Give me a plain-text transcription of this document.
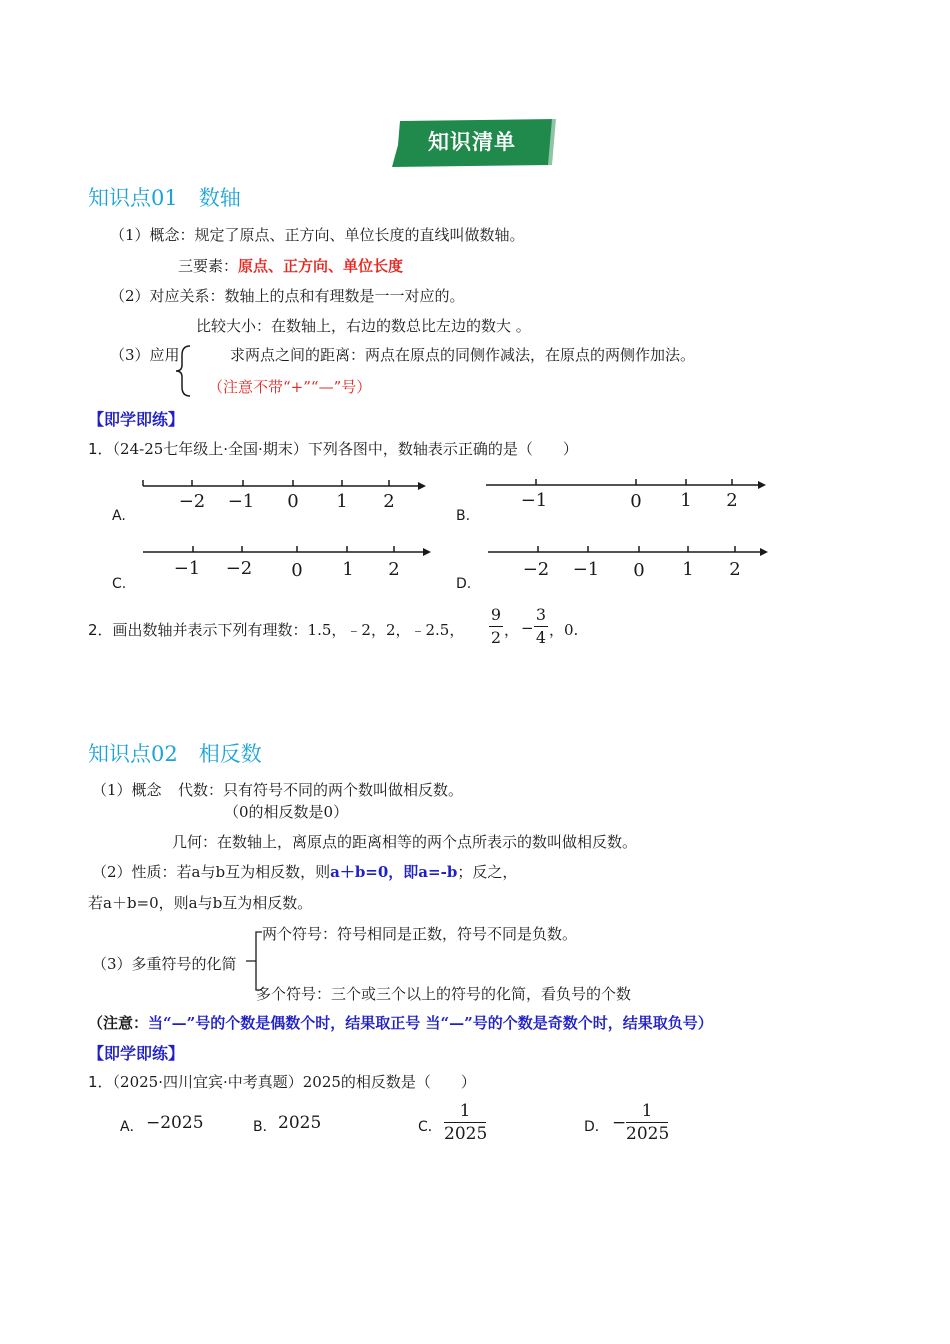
知识清单
知识点01　数轴
（1）概念：规定了原点、正方向、单位长度的直线叫做数轴。
三要素：原点、正方向、单位长度
（2）对应关系：数轴上的点和有理数是一一对应的。
比较大小：在数轴上，右边的数总比左边的数大 。
（3）应用	求两点之间的距离：两点在原点的同侧作减法，在原点的两侧作加法。
（注意不带“+”“—”号）
【即学即练】
1．（24-25七年级上·全国·期末）下列各图中，数轴表示正确的是（　　）
A.
−2 −1 0 1 2
B.
−1	0 1 2
C.
−1 −2 0 1 2
D.
−2 −1 0 1 2
2．画出数轴并表示下列有理数：1.5，﹣2，2，﹣2.5，
9
2 ， −
3
4 ，0.
知识点02　相反数
（1）概念 代数：只有符号不同的两个数叫做相反数。
（0的相反数是0）
几何：在数轴上，离原点的距离相等的两个点所表示的数叫做相反数。
（2）性质：若a与b互为相反数，则a＋b=0，即a=-b；反之，
若a＋b=0，则a与b互为相反数。
（3）多重符号的化简
两个符号：符号相同是正数，符号不同是负数。
多个符号：三个或三个以上的符号的化简，看负号的个数
（注意：当“—”号的个数是偶数个时，结果取正号 当“—”号的个数是奇数个时，结果取负号）
【即学即练】
1．（2025·四川宜宾·中考真题）2025的相反数是（　　）
A． −2025	B． 2025	C．
1
2025	D． −
1
2025
